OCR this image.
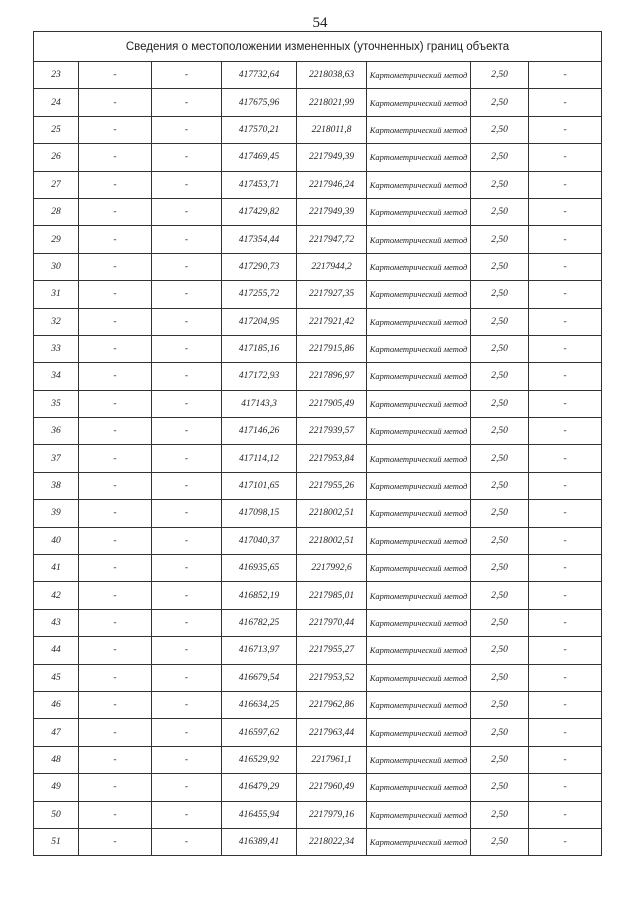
54
Сведения о местоположении измененных (уточненных) границ объекта							
23	-	-	417732,64	2218038,63	Картометрический метод	2,50	-
24	-	-	417675,96	2218021,99	Картометрический метод	2,50	-
25	-	-	417570,21	2218011,8	Картометрический метод	2,50	-
26	-	-	417469,45	2217949,39	Картометрический метод	2,50	-
27	-	-	417453,71	2217946,24	Картометрический метод	2,50	-
28	-	-	417429,82	2217949,39	Картометрический метод	2,50	-
29	-	-	417354,44	2217947,72	Картометрический метод	2,50	-
30	-	-	417290,73	2217944,2	Картометрический метод	2,50	-
31	-	-	417255,72	2217927,35	Картометрический метод	2,50	-
32	-	-	417204,95	2217921,42	Картометрический метод	2,50	-
33	-	-	417185,16	2217915,86	Картометрический метод	2,50	-
34	-	-	417172,93	2217896,97	Картометрический метод	2,50	-
35	-	-	417143,3	2217905,49	Картометрический метод	2,50	-
36	-	-	417146,26	2217939,57	Картометрический метод	2,50	-
37	-	-	417114,12	2217953,84	Картометрический метод	2,50	-
38	-	-	417101,65	2217955,26	Картометрический метод	2,50	-
39	-	-	417098,15	2218002,51	Картометрический метод	2,50	-
40	-	-	417040,37	2218002,51	Картометрический метод	2,50	-
41	-	-	416935,65	2217992,6	Картометрический метод	2,50	-
42	-	-	416852,19	2217985,01	Картометрический метод	2,50	-
43	-	-	416782,25	2217970,44	Картометрический метод	2,50	-
44	-	-	416713,97	2217955,27	Картометрический метод	2,50	-
45	-	-	416679,54	2217953,52	Картометрический метод	2,50	-
46	-	-	416634,25	2217962,86	Картометрический метод	2,50	-
47	-	-	416597,62	2217963,44	Картометрический метод	2,50	-
48	-	-	416529,92	2217961,1	Картометрический метод	2,50	-
49	-	-	416479,29	2217960,49	Картометрический метод	2,50	-
50	-	-	416455,94	2217979,16	Картометрический метод	2,50	-
51	-	-	416389,41	2218022,34	Картометрический метод	2,50	-
